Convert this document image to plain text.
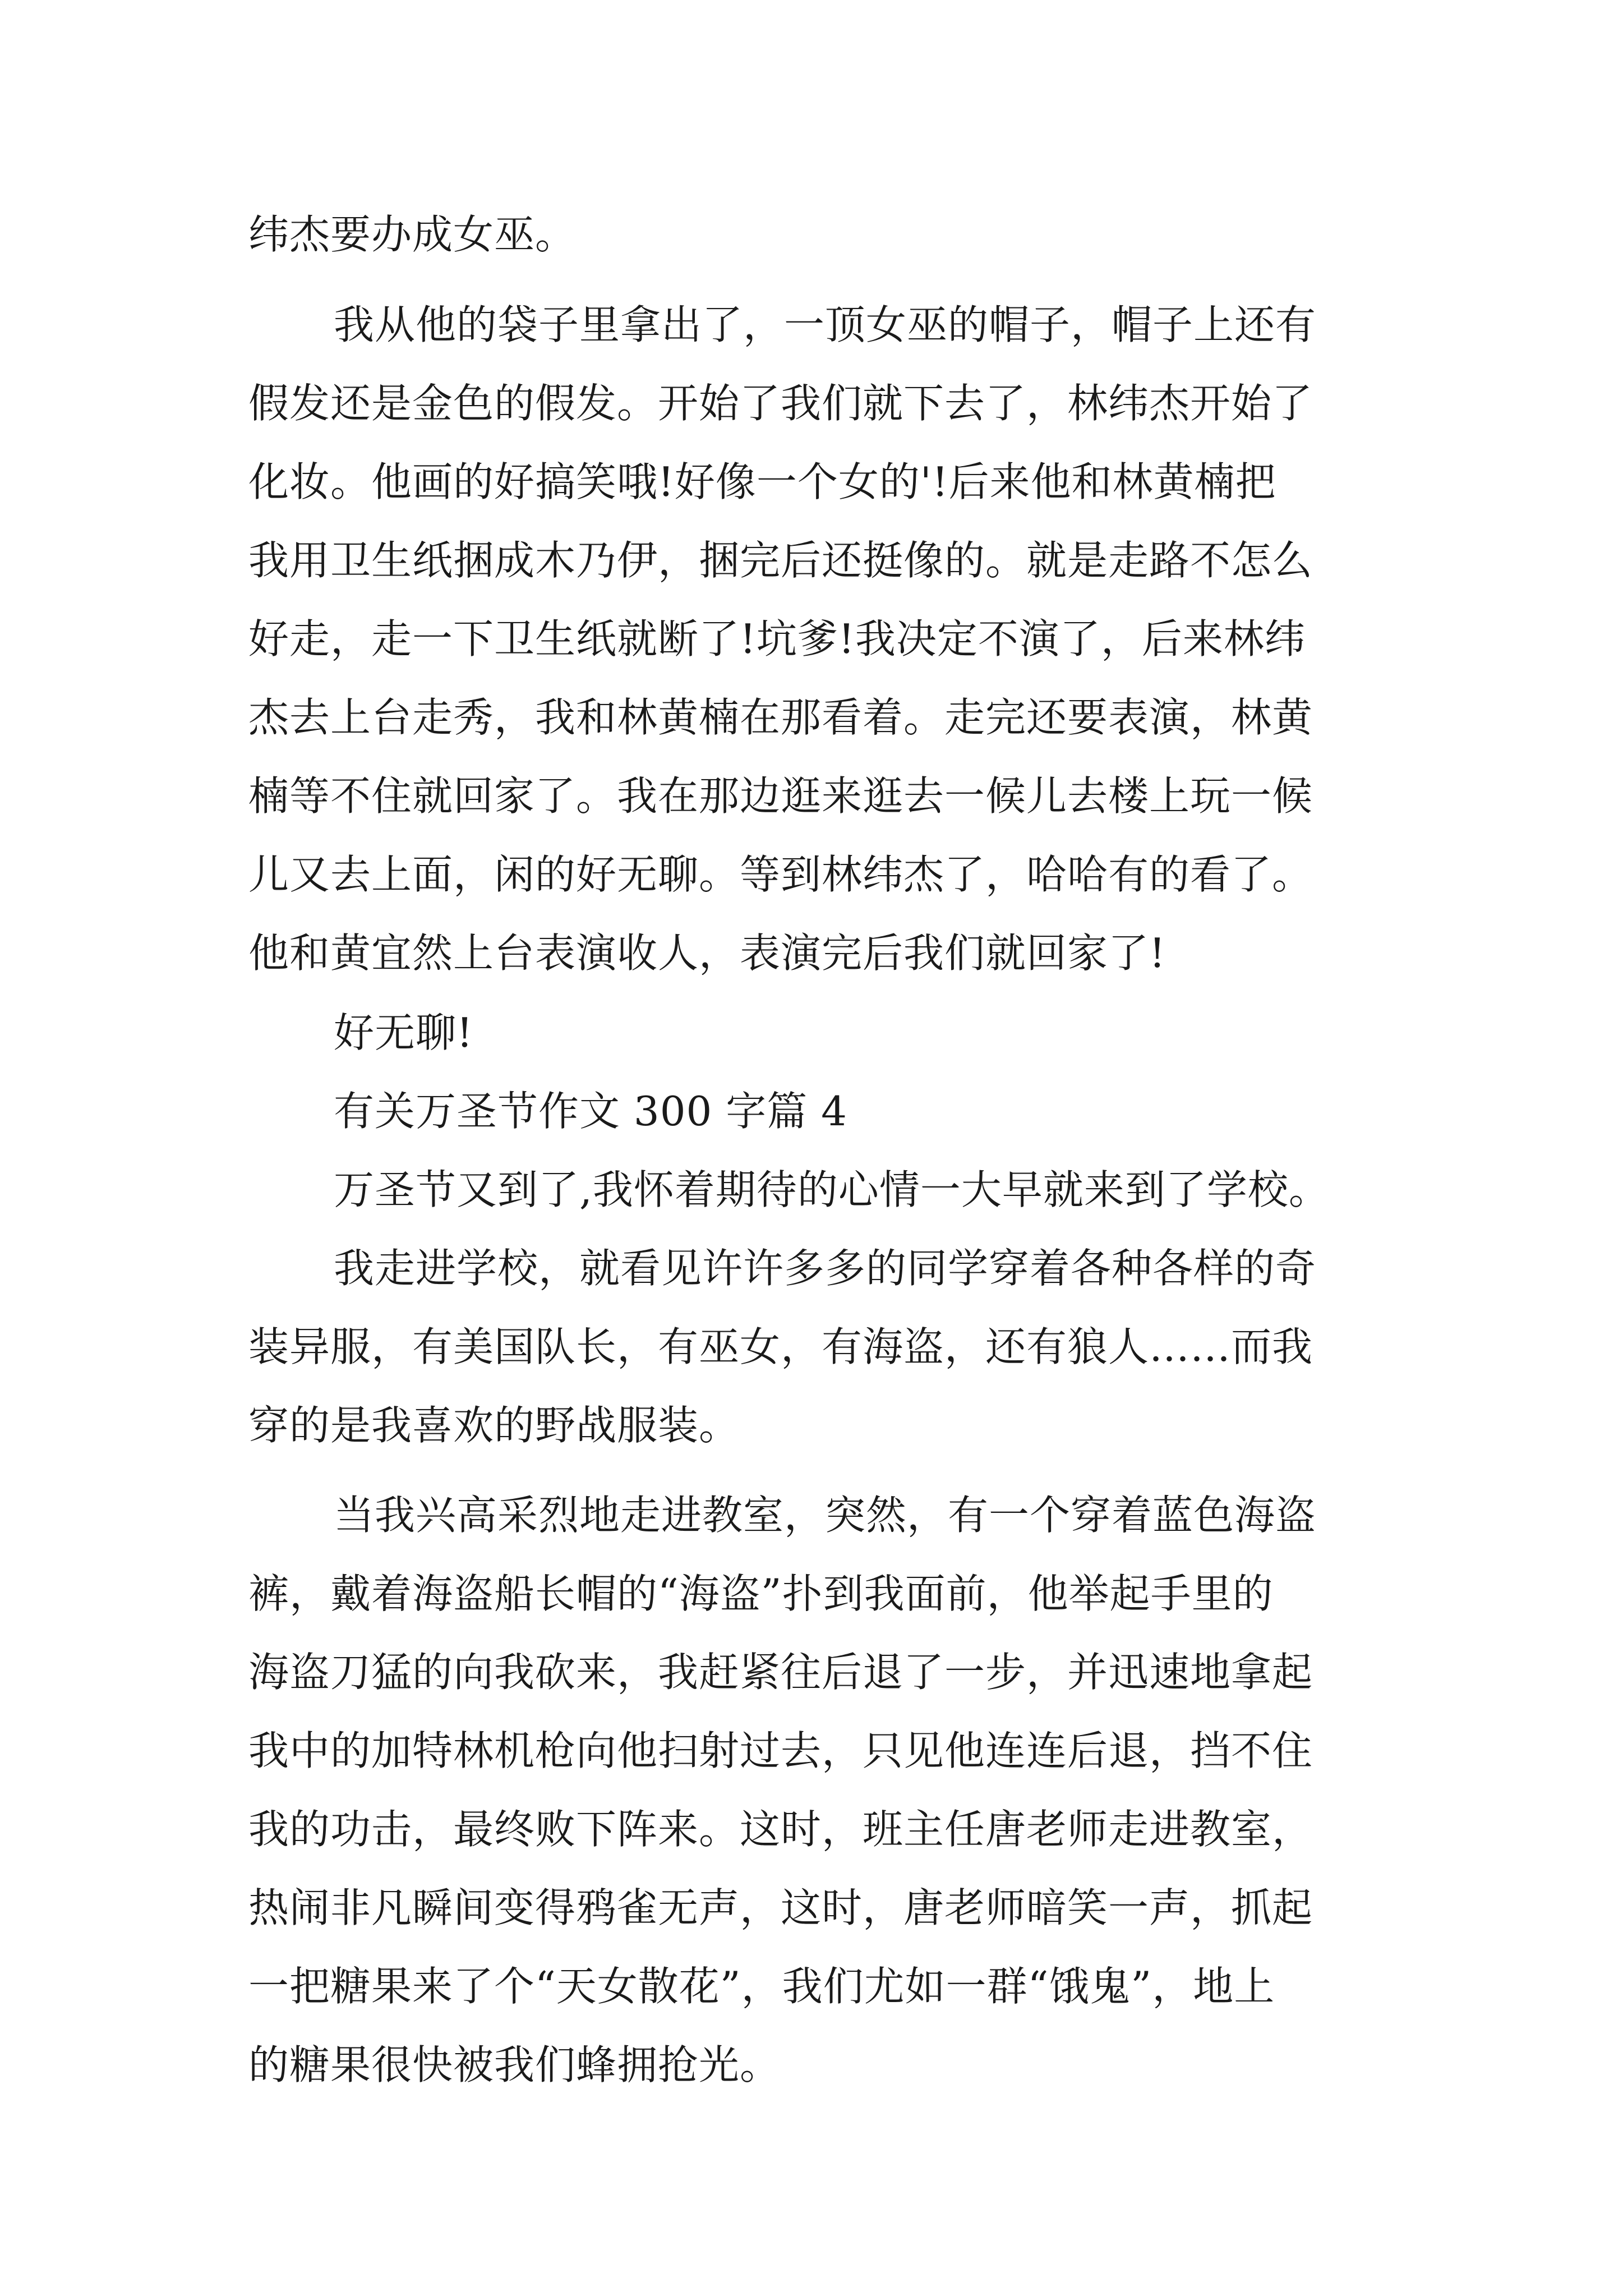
纬杰要办成女巫。
我从他的袋子里拿出了，一顶女巫的帽子，帽子上还有
假发还是金色的假发。开始了我们就下去了，林纬杰开始了
化妆。他画的好搞笑哦!好像一个女的'!后来他和林黄楠把
我用卫生纸捆成木乃伊，捆完后还挺像的。就是走路不怎么
好走，走一下卫生纸就断了!坑爹!我决定不演了，后来林纬
杰去上台走秀，我和林黄楠在那看着。走完还要表演，林黄
楠等不住就回家了。我在那边逛来逛去一候儿去楼上玩一候
儿又去上面，闲的好无聊。等到林纬杰了，哈哈有的看了。
他和黄宜然上台表演收人，表演完后我们就回家了!
好无聊!
有关万圣节作文 300 字篇 4
万圣节又到了,我怀着期待的心情一大早就来到了学校。
我走进学校，就看见许许多多的同学穿着各种各样的奇
装异服，有美国队长，有巫女，有海盗，还有狼人……而我
穿的是我喜欢的野战服装。
当我兴高采烈地走进教室，突然，有一个穿着蓝色海盗
裤，戴着海盗船长帽的“海盗”扑到我面前，他举起手里的
海盗刀猛的向我砍来，我赶紧往后退了一步，并迅速地拿起
我中的加特林机枪向他扫射过去，只见他连连后退，挡不住
我的功击，最终败下阵来。这时，班主任唐老师走进教室，
热闹非凡瞬间变得鸦雀无声，这时，唐老师暗笑一声，抓起
一把糖果来了个“天女散花”，我们尤如一群“饿鬼”，地上
的糖果很快被我们蜂拥抢光。
